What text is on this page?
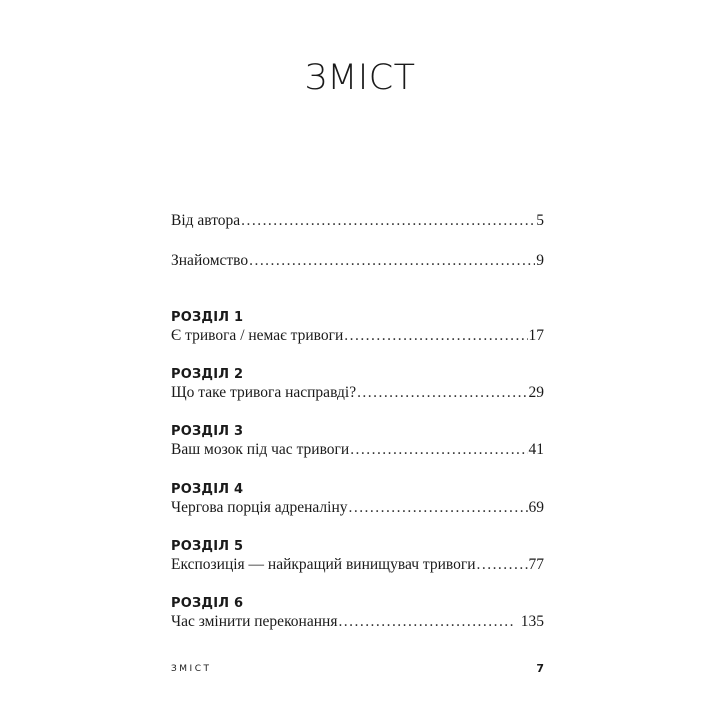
ЗМІСТ
Від автора . . .	5
Знайомство . . .	9
РОЗДІЛ 1
Є тривога / немає тривоги . . .	17
РОЗДІЛ 2
Що таке тривога насправді? . . .	29
РОЗДІЛ 3
Ваш мозок під час тривоги . . .	41
РОЗДІЛ 4
Чергова порція адреналіну . . .	69
РОЗДІЛ 5
Експозиція — найкращий винищувач тривоги . . .	77
РОЗДІЛ 6
Час змінити переконання . . .	135
ЗМІСТ	7
